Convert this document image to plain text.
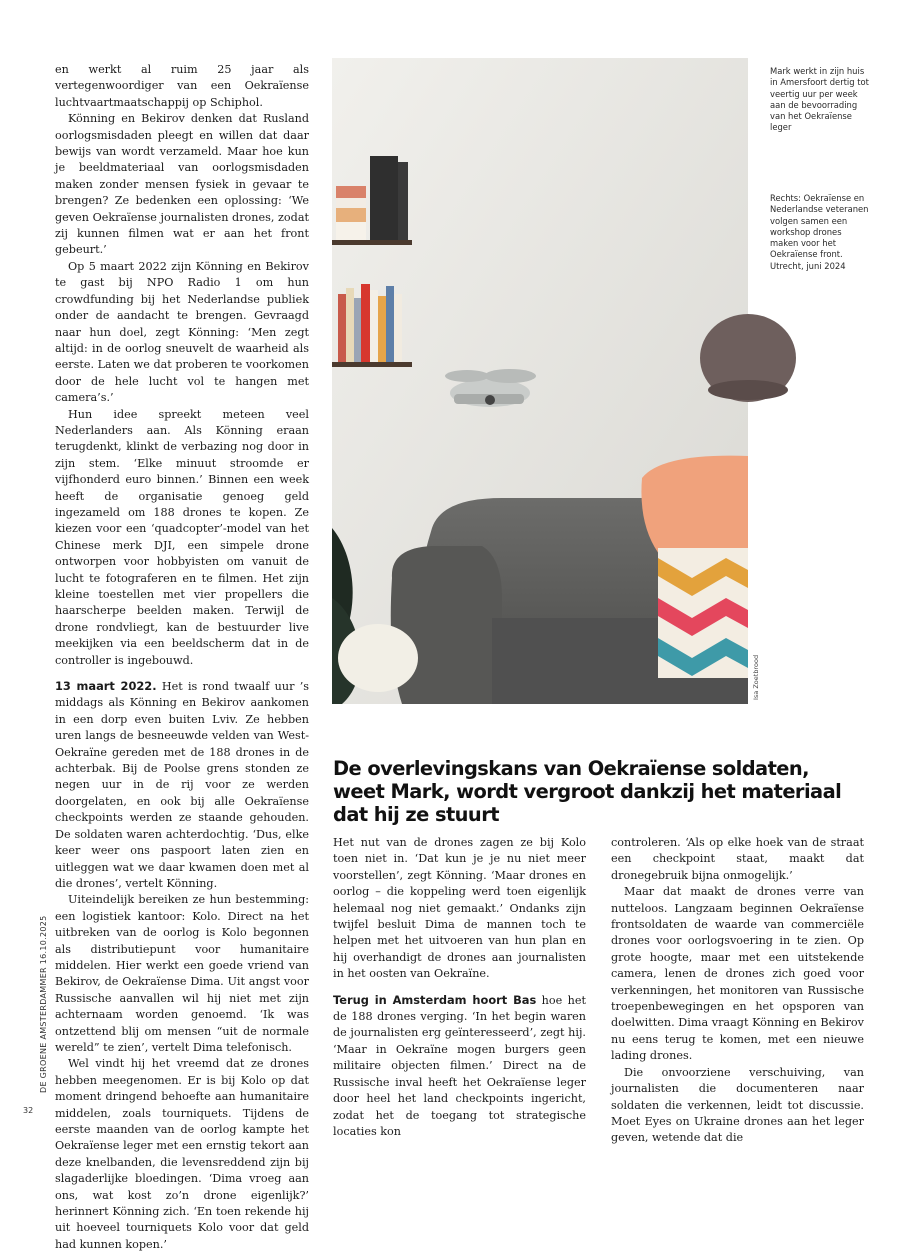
en werkt al ruim 25 jaar als vertegenwoordiger van een Oekraïense luchtvaartmaatschappij op Schiphol.

Könning en Bekirov denken dat Rusland oorlogsmisdaden pleegt en willen dat daar bewijs van wordt verzameld. Maar hoe kun je beeldmateriaal van oorlogsmisdaden maken zonder mensen fysiek in gevaar te brengen? Ze bedenken een oplossing: ‘We geven Oekraïense journalisten drones, zodat zij kunnen filmen wat er aan het front gebeurt.’

Op 5 maart 2022 zijn Könning en Bekirov te gast bij NPO Radio 1 om hun crowdfunding bij het Nederlandse publiek onder de aandacht te brengen. Gevraagd naar hun doel, zegt Könning: ‘Men zegt altijd: in de oorlog sneuvelt de waarheid als eerste. Laten we dat proberen te voorkomen door de hele lucht vol te hangen met camera’s.’

Hun idee spreekt meteen veel Nederlanders aan. Als Könning eraan terugdenkt, klinkt de verbazing nog door in zijn stem. ‘Elke minuut stroomde er vijfhonderd euro binnen.’ Binnen een week heeft de organisatie genoeg geld ingezameld om 188 drones te kopen. Ze kiezen voor een ‘quadcopter’-model van het Chinese merk DJI, een simpele drone ontworpen voor hobbyisten om vanuit de lucht te fotograferen en te filmen. Het zijn kleine toestellen met vier propellers die haarscherpe beelden maken. Terwijl de drone rondvliegt, kan de bestuurder live meekijken via een beeldscherm dat in de controller is ingebouwd.

13 maart 2022. Het is rond twaalf uur ’s middags als Könning en Bekirov aankomen in een dorp even buiten Lviv. Ze hebben uren langs de besneeuwde velden van West-Oekraïne gereden met de 188 drones in de achterbak. Bij de Poolse grens stonden ze negen uur in de rij voor ze werden doorgelaten, en ook bij alle Oekraïense checkpoints werden ze staande gehouden. De soldaten waren achterdochtig. ‘Dus, elke keer weer ons paspoort laten zien en uitleggen wat we daar kwamen doen met al die drones’, vertelt Könning.

Uiteindelijk bereiken ze hun bestemming: een logistiek kantoor: Kolo. Direct na het uitbreken van de oorlog is Kolo begonnen als distributiepunt voor humanitaire middelen. Hier werkt een goede vriend van Bekirov, de Oekraïense Dima. Uit angst voor Russische aanvallen wil hij niet met zijn achternaam worden genoemd. ‘Ik was ontzettend blij om mensen “uit de normale wereld” te zien’, vertelt Dima telefonisch.

Wel vindt hij het vreemd dat ze drones hebben meegenomen. Er is bij Kolo op dat moment dringend behoefte aan humanitaire middelen, zoals tourniquets. Tijdens de eerste maanden van de oorlog kampte het Oekraïense leger met een ernstig tekort aan deze knelbanden, die levensreddend zijn bij slagaderlijke bloedingen. ‘Dima vroeg aan ons, wat kost zo’n drone eigenlijk?’ herinnert Könning zich. ‘En toen rekende hij uit hoeveel tourniquets Kolo voor dat geld had kunnen kopen.’

Isa Zoetbrood
Mark werkt in zijn huis in Amersfoort dertig tot veertig uur per week aan de bevoorrading van het Oekraïense leger
Rechts: Oekraïense en Nederlandse veteranen volgen samen een workshop drones maken voor het Oekraïense front. Utrecht, juni 2024
De overlevingskans van Oekraïense soldaten, weet Mark, wordt vergroot dankzij het materiaal dat hij ze stuurt

Het nut van de drones zagen ze bij Kolo toen niet in. ‘Dat kun je je nu niet meer voorstellen’, zegt Könning. ‘Maar drones en oorlog – die koppeling werd toen eigenlijk helemaal nog niet gemaakt.’ Ondanks zijn twijfel besluit Dima de mannen toch te helpen met het uitvoeren van hun plan en hij overhandigt de drones aan journalisten in het oosten van Oekraïne.

Terug in Amsterdam hoort Bas hoe het de 188 drones verging. ‘In het begin waren de journalisten erg geïnteresseerd’, zegt hij. ‘Maar in Oekraïne mogen burgers geen militaire objecten filmen.’ Direct na de Russische inval heeft het Oekraïense leger door heel het land checkpoints ingericht, zodat het de toegang tot strategische locaties kon

controleren. ‘Als op elke hoek van de straat een checkpoint staat, maakt dat dronegebruik bijna onmogelijk.’

Maar dat maakt de drones verre van nutteloos. Langzaam beginnen Oekraïense frontsoldaten de waarde van commerciële drones voor oorlogsvoering in te zien. Op grote hoogte, maar met een uitstekende camera, lenen de drones zich goed voor verkenningen, het monitoren van Russische troepenbewegingen en het opsporen van doelwitten. Dima vraagt Könning en Bekirov nu eens terug te komen, met een nieuwe lading drones.

Die onvoorziene verschuiving, van journalisten die documenteren naar soldaten die verkennen, leidt tot discussie. Moet Eyes on Ukraine drones aan het leger geven, wetende dat die

DE GROENE AMSTERDAMMER 16.10.2025
32
